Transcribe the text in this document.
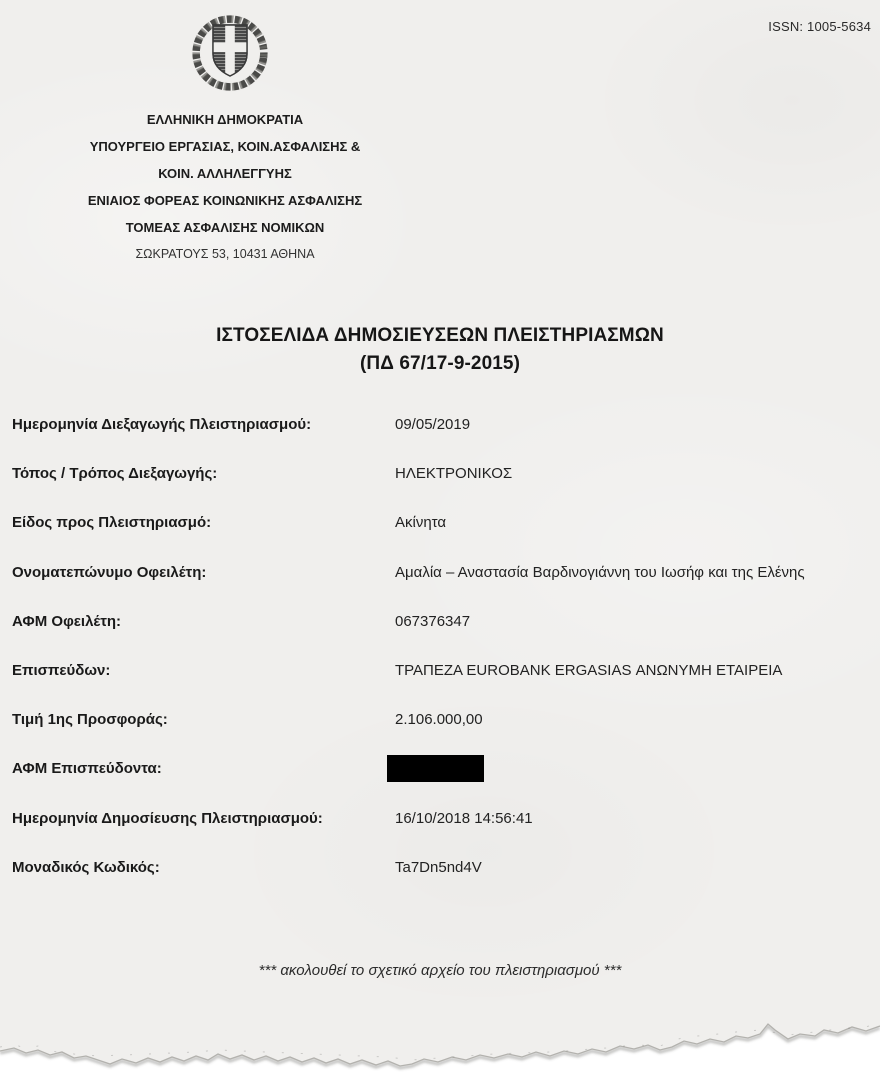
ISSN: 1005-5634
ΕΛΛΗΝΙΚΗ ΔΗΜΟΚΡΑΤΙΑ
ΥΠΟΥΡΓΕΙΟ ΕΡΓΑΣΙΑΣ, ΚΟΙΝ.ΑΣΦΑΛΙΣΗΣ &
ΚΟΙΝ. ΑΛΛΗΛΕΓΓΥΗΣ
ΕΝΙΑΙΟΣ ΦΟΡΕΑΣ ΚΟΙΝΩΝΙΚΗΣ ΑΣΦΑΛΙΣΗΣ
ΤΟΜΕΑΣ ΑΣΦΑΛΙΣΗΣ ΝΟΜΙΚΩΝ
ΣΩΚΡΑΤΟΥΣ 53, 10431 ΑΘΗΝΑ
ΙΣΤΟΣΕΛΙΔΑ ΔΗΜΟΣΙΕΥΣΕΩΝ ΠΛΕΙΣΤΗΡΙΑΣΜΩΝ
(ΠΔ 67/17-9-2015)
Ημερομηνία Διεξαγωγής Πλειστηριασμού:	09/05/2019
Τόπος / Τρόπος Διεξαγωγής:	ΗΛΕΚΤΡΟΝΙΚΟΣ
Είδος προς Πλειστηριασμό:	Ακίνητα
Ονοματεπώνυμο Οφειλέτη:	Αμαλία – Αναστασία Βαρδινογιάννη του Ιωσήφ και της Ελένης
ΑΦΜ Οφειλέτη:	067376347
Επισπεύδων:	ΤΡΑΠΕΖΑ EUROBANK ERGASIAS ΑΝΩΝΥΜΗ ΕΤΑΙΡΕΙΑ
Τιμή 1ης Προσφοράς:	2.106.000,00
ΑΦΜ Επισπεύδοντα:
Ημερομηνία Δημοσίευσης Πλειστηριασμού:	16/10/2018 14:56:41
Μοναδικός Κωδικός:	Ta7Dn5nd4V
*** ακολουθεί το σχετικό αρχείο του πλειστηριασμού ***
